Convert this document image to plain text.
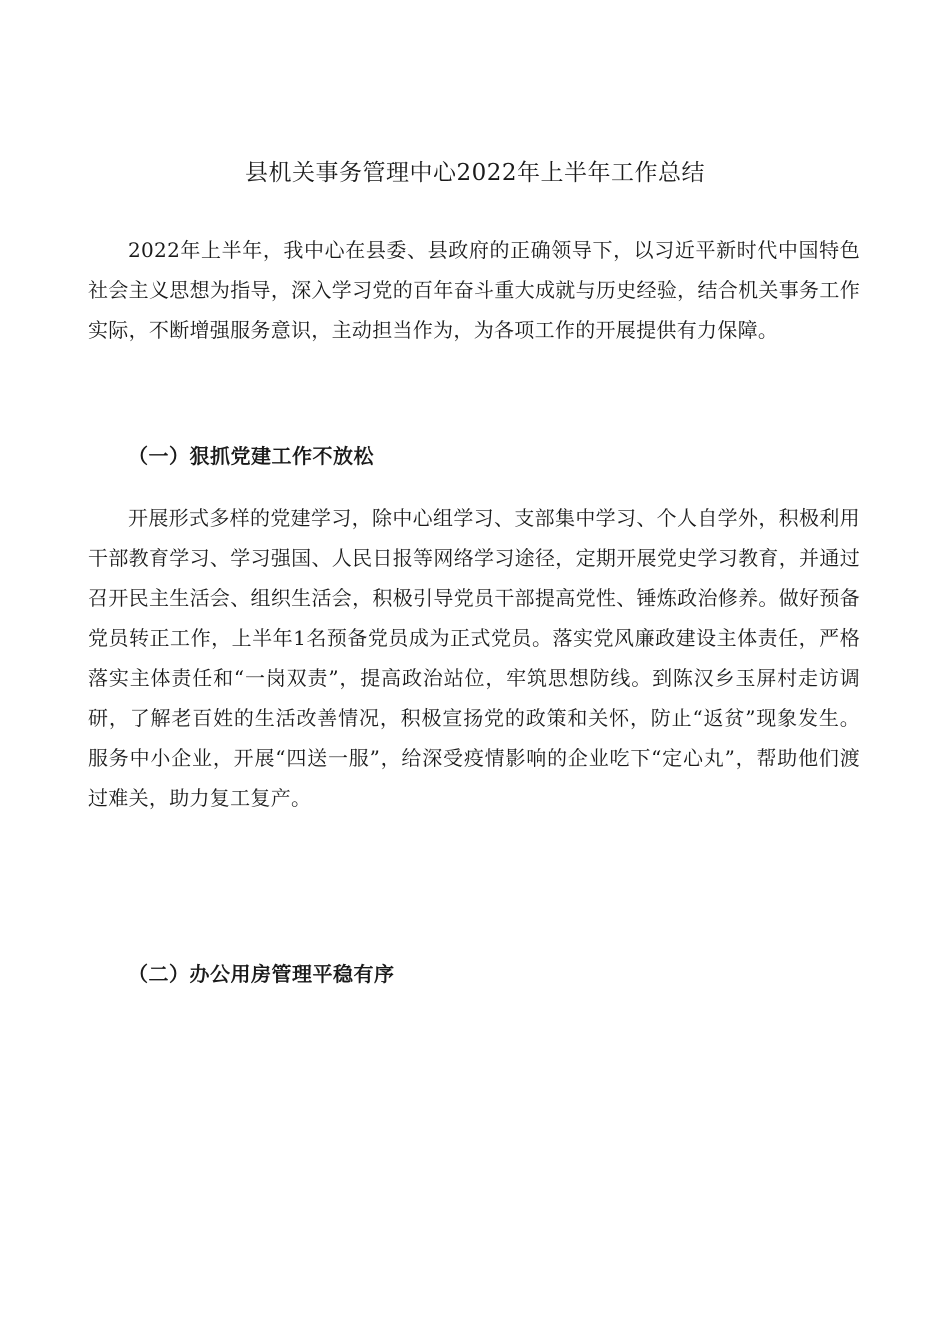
县机关事务管理中心2022年上半年工作总结

2022年上半年，我中心在县委、县政府的正确领导下，以习近平新时代中国特色社会主义思想为指导，深入学习党的百年奋斗重大成就与历史经验，结合机关事务工作实际，不断增强服务意识，主动担当作为，为各项工作的开展提供有力保障。

（一）狠抓党建工作不放松

开展形式多样的党建学习，除中心组学习、支部集中学习、个人自学外，积极利用干部教育学习、学习强国、人民日报等网络学习途径，定期开展党史学习教育，并通过召开民主生活会、组织生活会，积极引导党员干部提高党性、锤炼政治修养。做好预备党员转正工作，上半年1名预备党员成为正式党员。落实党风廉政建设主体责任，严格落实主体责任和“一岗双责”，提高政治站位，牢筑思想防线。到陈汉乡玉屏村走访调研，了解老百姓的生活改善情况，积极宣扬党的政策和关怀，防止“返贫”现象发生。服务中小企业，开展“四送一服”，给深受疫情影响的企业吃下“定心丸”，帮助他们渡过难关，助力复工复产。

（二）办公用房管理平稳有序
